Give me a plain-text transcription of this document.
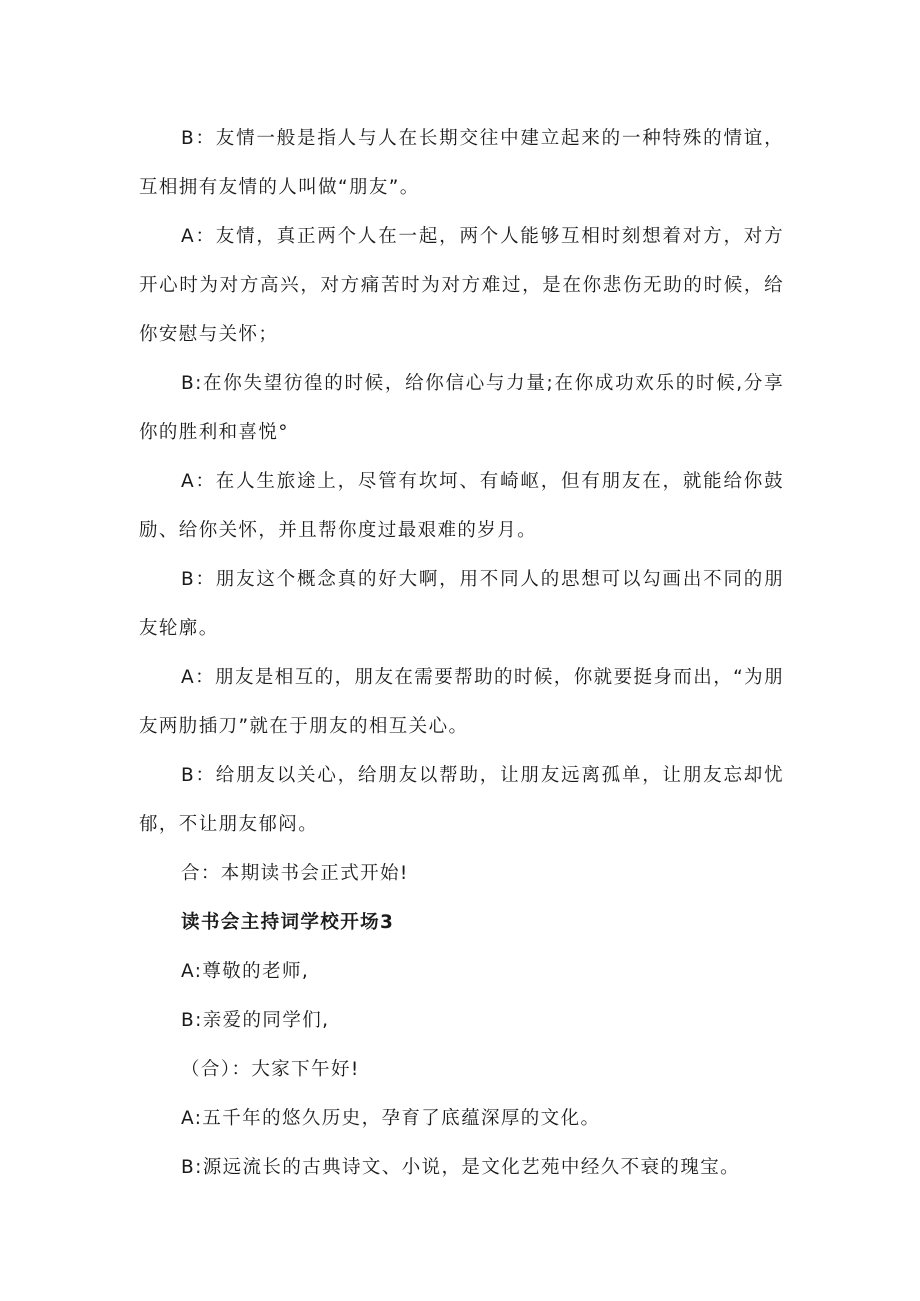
B：友情一般是指人与人在长期交往中建立起来的一种特殊的情谊，互相拥有友情的人叫做“朋友”。

A：友情，真正两个人在一起，两个人能够互相时刻想着对方，对方开心时为对方高兴，对方痛苦时为对方难过，是在你悲伤无助的时候，给你安慰与关怀；

B:在你失望彷徨的时候，给你信心与力量;在你成功欢乐的时候,分享你的胜利和喜悦°

A：在人生旅途上，尽管有坎坷、有崎岖，但有朋友在，就能给你鼓励、给你关怀，并且帮你度过最艰难的岁月。

B：朋友这个概念真的好大啊，用不同人的思想可以勾画出不同的朋友轮廓。

A：朋友是相互的，朋友在需要帮助的时候，你就要挺身而出，“为朋友两肋插刀”就在于朋友的相互关心。

B：给朋友以关心，给朋友以帮助，让朋友远离孤单，让朋友忘却忧郁，不让朋友郁闷。

合：本期读书会正式开始!

读书会主持词学校开场3

A:尊敬的老师,

B:亲爱的同学们,

（合）：大家下午好!

A:五千年的悠久历史，孕育了底蕴深厚的文化。

B:源远流长的古典诗文、小说，是文化艺苑中经久不衰的瑰宝。
